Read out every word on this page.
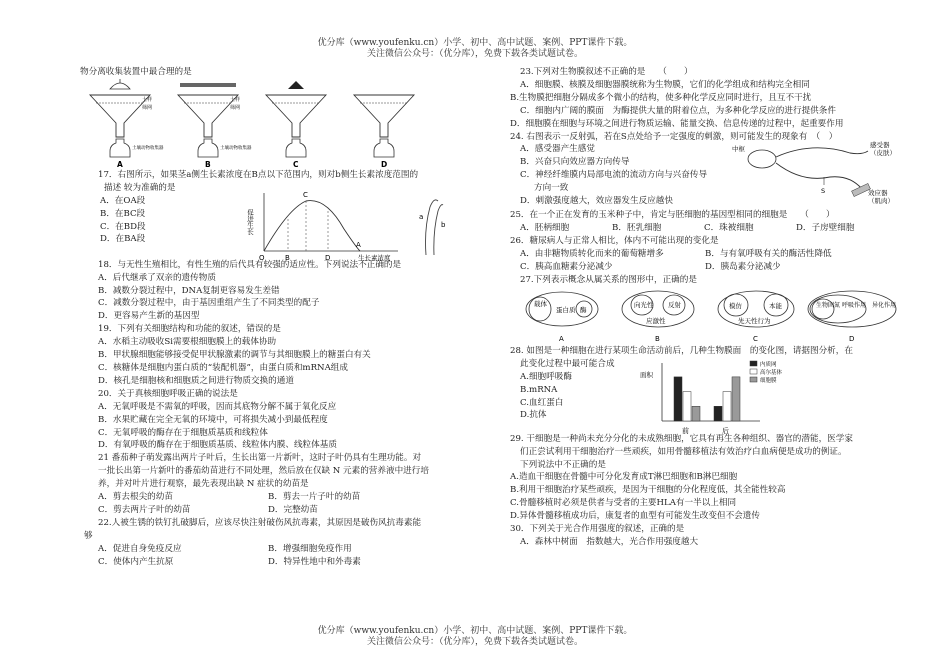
优分库（www.youfenku.cn）小学、初中、高中试题、案例、PPT课件下载。
关注微信公众号：（优分库），免费下载各类试题试卷。
物分离收集装置中最合理的是
A
土样
筛网
土壤动物收集器
B
土样
筛网
土壤动物收集器
C	D
17．右图所示，如果茎a侧生长素浓度在B点以下范围内，则对b侧生长素浓度范围的
描述 较为准确的是
A．在OA段
B．在BC段
C．在BD段
D．在BA段
促进生长
生长素浓度
O
A
B
C
D
a
b
18．与无性生殖相比，有性生殖的后代具有较强的适应性。下列说法不正确的是
A．后代继承了双亲的遗传物质
B．减数分裂过程中，DNA复制更容易发生差错
C．减数分裂过程中，由于基因重组产生了不同类型的配子
D．更容易产生新的基因型
19．下列有关细胞结构和功能的叙述，错误的是
A．水稻主动吸收Si需要根细胞膜上的载体协助
B．甲状腺细胞能够接受促甲状腺激素的调节与其细胞膜上的糖蛋白有关
C．核糖体是细胞内蛋白质的“装配机器”，由蛋白质和mRNA组成
D．核孔是细胞核和细胞质之间进行物质交换的通道
20．关于真核细胞呼吸正确的说法是
A．无氧呼吸是不需氧的呼吸，因而其底物分解不属于氧化反应
B．水果贮藏在完全无氧的环境中，可将损失减小到最低程度
C．无氧呼吸的酶存在于细胞质基质和线粒体
D．有氧呼吸的酶存在于细胞质基质、线粒体内膜、线粒体基质
21 番茄种子萌发露出两片子叶后，生长出第一片新叶，这时子叶仍具有生理功能。对
一批长出第一片新叶的番茄幼苗进行不同处理，然后放在仅缺 N 元素的营养液中进行培
养，并对叶片进行观察，最先表现出缺 N 症状的幼苗是
A．剪去根尖的幼苗	B．剪去一片子叶的幼苗
C．剪去两片子叶的幼苗	D．完整幼苗
22.人被生锈的铁钉扎破脚后，应该尽快注射破伤风抗毒素，其原因是破伤风抗毒素能
够
A．促进自身免疫反应	B．增强细胞免疫作用
C．使体内产生抗原	D．特异性地中和外毒素
23.下列对生物膜叙述不正确的是　　（　　）
A．细胞膜、核膜及细胞器膜统称为生物膜，它们的化学组成和结构完全相同
B.生物膜把细胞分隔成多个微小的结构，使多种化学反应同时进行，且互不干扰
C．细胞内广阔的膜面　为酶提供大量的附着位点，为多种化学反应的进行提供条件
D．细胞膜在细胞与环境之间进行物质运输、能量交换、信息传递的过程中，起重要作用
24. 右图表示一反射弧，若在S点处给予一定强度的刺激，则可能发生的现象有　（　）
A．感受器产生感觉
B．兴奋只向效应器方向传导
C．神经纤维膜内局部电流的流动方向与兴奋传导
方向一致
D．刺激强度越大，效应器发生反应越快
中枢	感受器
（皮肤）
S	效应器
（肌肉）
25．在一个正在发育的玉米种子中，肯定与胚细胞的基因型相同的细胞是　　（　　）
A．胚柄细胞	B．胚乳细胞	C．珠被细胞	D．子房壁细胞
26．糖尿病人与正常人相比，体内不可能出现的变化是
A．由非糖物质转化而来的葡萄糖增多	B．与有氧呼吸有关的酶活性降低
C．胰高血糖素分泌减少	D．胰岛素分泌减少
27.下列表示概念从属关系的图形中，正确的是
载体
蛋白质 酶
A
向光性 反射
应激性
B
模仿	本能
先天性行为
C
生物固氮 呼吸作用 异化作用
D
28. 如图是一种细胞在进行某项生命活动前后，几种生物膜面　的变化图，请据图分析，在
此变化过程中最可能合成
A.细胞呼吸酶
B.mRNA
C.血红蛋白
D.抗体
面积
前	后
内质网
高尔基体
细胞膜
29. 干细胞是一种尚未充分分化的未成熟细胞，它具有再生各种组织、器官的潜能，医学家
们正尝试利用干细胞治疗一些顽疾，如用骨髓移植法有效治疗白血病便是成功的例证。
下列说法中不正确的是
A.造血干细胞在骨髓中可分化发育成T淋巴细胞和B淋巴细胞
B.利用干细胞治疗某些顽疾，是因为干细胞的分化程度低，其全能性较高
C.骨髓移植时必须是供者与受者的主要HLA有一半以上相同
D.异体骨髓移植成功后，康复者的血型有可能发生改变但不会遗传
30．下列关于光合作用强度的叙述，正确的是
A．森林中树面　指数越大，光合作用强度越大
优分库（www.youfenku.cn）小学、初中、高中试题、案例、PPT课件下载。
关注微信公众号：（优分库），免费下载各类试题试卷。
